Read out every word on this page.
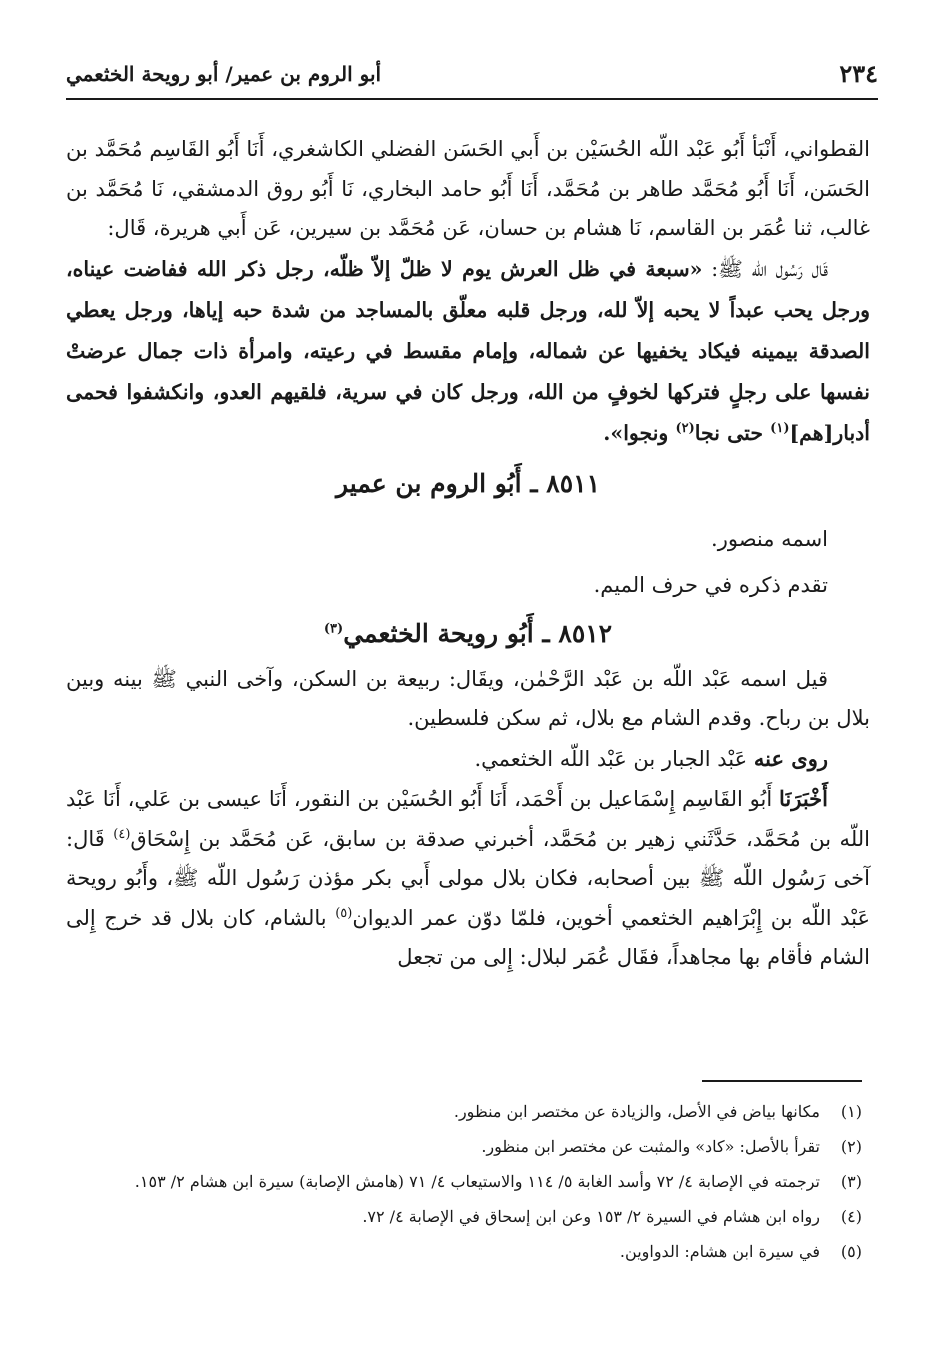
٢٣٤
أبو الروم بن عمير/ أبو رويحة الخثعمي

القطواني، أَنْبَأ أَبُو عَبْد اللّه الحُسَيْن بن أَبي الحَسَن الفضلي الكاشغري، أَنَا أَبُو القَاسِم مُحَمَّد بن الحَسَن، أَنَا أَبُو مُحَمَّد طاهر بن مُحَمَّد، أَنَا أَبُو حامد البخاري، نَا أَبُو روق الدمشقي، نَا مُحَمَّد بن غالب، ثنا عُمَر بن القاسم، نَا هشام بن حسان، عَن مُحَمَّد بن سيرين، عَن أَبي هريرة، قَال:

قَال رَسُول اللّه ﷺ: «سبعة في ظل العرش يوم لا ظلّ إلاّ ظلّه، رجل ذكر الله ففاضت عيناه، ورجل يحب عبداً لا يحبه إلاّ لله، ورجل قلبه معلّق بالمساجد من شدة حبه إياها، ورجل يعطي الصدقة بيمينه فيكاد يخفيها عن شماله، وإمام مقسط في رعيته، وامرأة ذات جمال عرضتْ نفسها على رجلٍ فتركها لخوفٍ من الله، ورجل كان في سرية، فلقيهم العدو، وانكشفوا فحمى أدبار[هم]$^{(١)}$ حتى نجا$^{(٢)}$ ونجوا».

٨٥١١ ـ أَبُو الروم بن عمير

اسمه منصور.

تقدم ذكره في حرف الميم.

٨٥١٢ ـ أَبُو رويحة الخثعمي$^{(٣)}$

قيل اسمه عَبْد اللّه بن عَبْد الرَّحْمٰن، ويقَال: ربيعة بن السكن، وآخى النبي ﷺ بينه وبين بلال بن رباح. وقدم الشام مع بلال، ثم سكن فلسطين.

روى عنه عَبْد الجبار بن عَبْد اللّه الخثعمي.

أَخْبَرَنَا أَبُو القَاسِم إِسْمَاعيل بن أَحْمَد، أَنَا أَبُو الحُسَيْن بن النقور، أَنَا عيسى بن عَلي، أَنَا عَبْد اللّه بن مُحَمَّد، حَدَّثَني زهير بن مُحَمَّد، أخبرني صدقة بن سابق، عَن مُحَمَّد بن إِسْحَاق$^{(٤)}$ قَال: آخى رَسُول اللّه ﷺ بين أصحابه، فكان بلال مولى أَبي بكر مؤذن رَسُول اللّه ﷺ، وأَبُو رويحة عَبْد اللّه بن إِبْرَاهيم الخثعمي أخوين، فلمّا دوّن عمر الديوان$^{(٥)}$ بالشام، كان بلال قد خرج إِلى الشام فأقام بها مجاهداً، فقَال عُمَر لبلال: إِلى من تجعل

(١)
مكانها بياض في الأصل، والزيادة عن مختصر ابن منظور.
(٢)
تقرأ بالأصل: «كاد» والمثبت عن مختصر ابن منظور.
(٣)
ترجمته في الإصابة ٤/ ٧٢ وأسد الغابة ٥/ ١١٤ والاستيعاب ٤/ ٧١ (هامش الإصابة) سيرة ابن هشام ٢/ ١٥٣.
(٤)
رواه ابن هشام في السيرة ٢/ ١٥٣ وعن ابن إسحاق في الإصابة ٤/ ٧٢.
(٥)
في سيرة ابن هشام: الدواوين.
